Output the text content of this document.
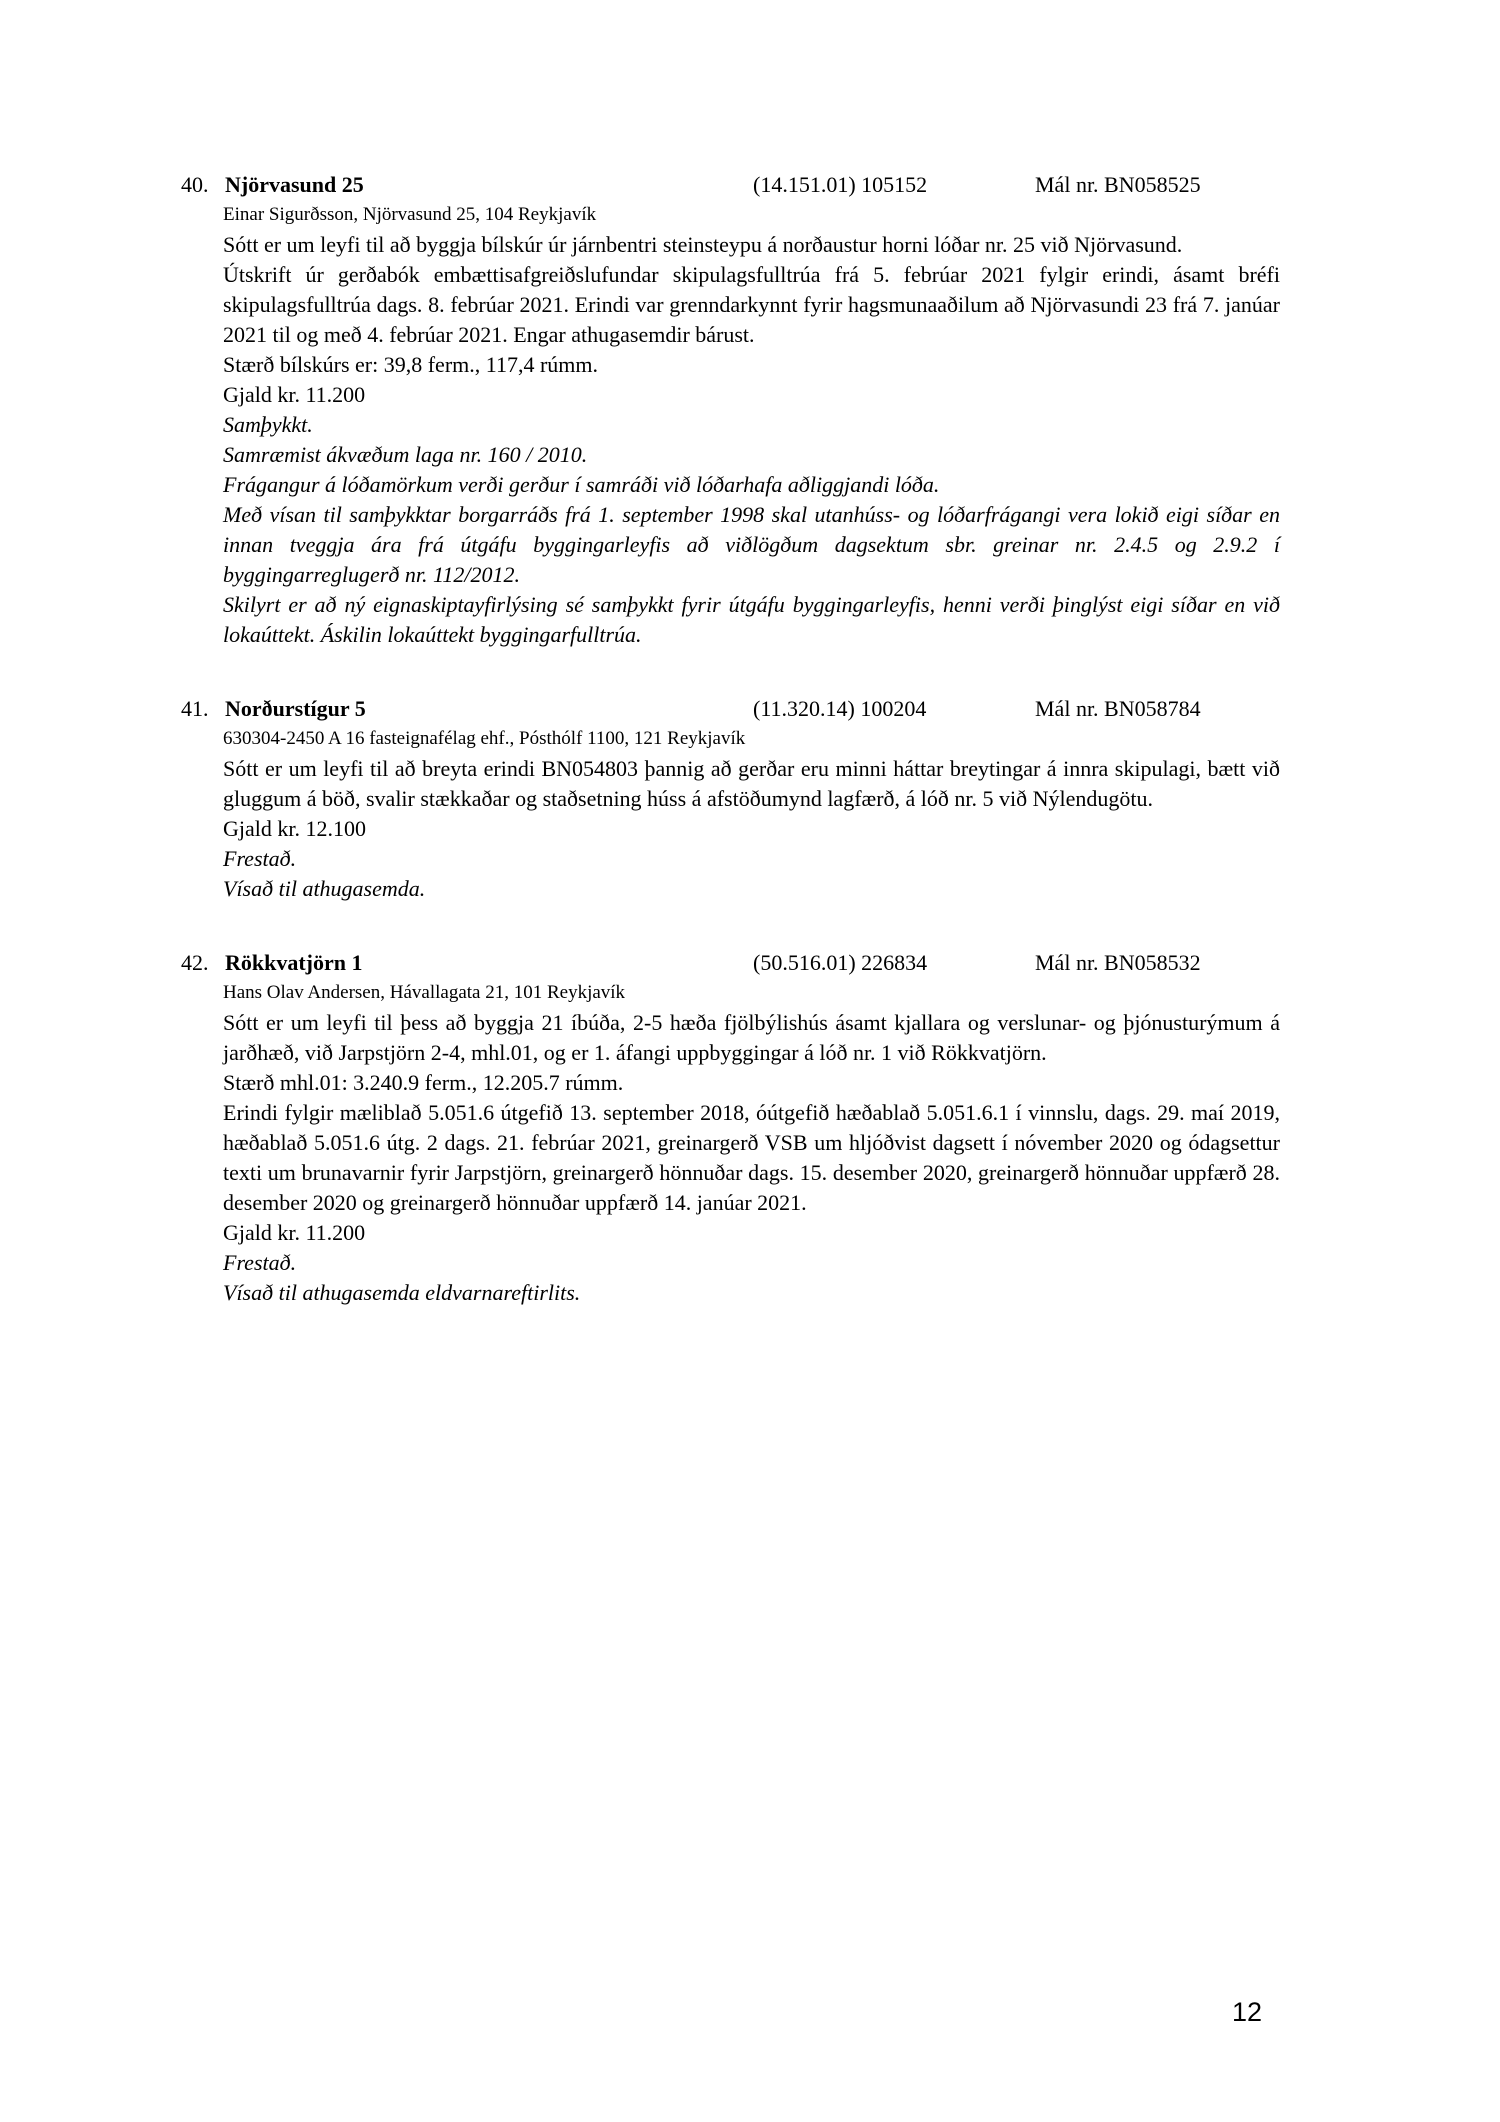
40. Njörvasund 25	(14.151.01) 105152	Mál nr. BN058525
Einar Sigurðsson, Njörvasund 25, 104 Reykjavík

Sótt er um leyfi til að byggja bílskúr úr járnbentri steinsteypu á norðaustur horni lóðar nr. 25 við Njörvasund.

Útskrift úr gerðabók embættisafgreiðslufundar skipulagsfulltrúa frá 5. febrúar 2021 fylgir erindi, ásamt bréfi skipulagsfulltrúa dags. 8. febrúar 2021. Erindi var grenndarkynnt fyrir hagsmunaaðilum að Njörvasundi 23 frá 7. janúar 2021 til og með 4. febrúar 2021. Engar athugasemdir bárust.

Stærð bílskúrs er: 39,8 ferm., 117,4 rúmm.

Gjald kr. 11.200

Samþykkt.

Samræmist ákvæðum laga nr. 160 / 2010.

Frágangur á lóðamörkum verði gerður í samráði við lóðarhafa aðliggjandi lóða.

Með vísan til samþykktar borgarráðs frá 1. september 1998 skal utanhúss- og lóðarfrágangi vera lokið eigi síðar en innan tveggja ára frá útgáfu byggingarleyfis að viðlögðum dagsektum sbr. greinar nr. 2.4.5 og 2.9.2 í byggingarreglugerð nr. 112/2012.

Skilyrt er að ný eignaskiptayfirlýsing sé samþykkt fyrir útgáfu byggingarleyfis, henni verði þinglýst eigi síðar en við lokaúttekt. Áskilin lokaúttekt byggingarfulltrúa.

41. Norðurstígur 5	(11.320.14) 100204	Mál nr. BN058784
630304-2450 A 16 fasteignafélag ehf., Pósthólf 1100, 121 Reykjavík

Sótt er um leyfi til að breyta erindi BN054803 þannig að gerðar eru minni háttar breytingar á innra skipulagi, bætt við gluggum á böð, svalir stækkaðar og staðsetning húss á afstöðumynd lagfærð, á lóð nr. 5 við Nýlendugötu.

Gjald kr. 12.100

Frestað.

Vísað til athugasemda.

42. Rökkvatjörn 1	(50.516.01) 226834	Mál nr. BN058532
Hans Olav Andersen, Hávallagata 21, 101 Reykjavík

Sótt er um leyfi til þess að byggja 21 íbúða, 2-5 hæða fjölbýlishús ásamt kjallara og verslunar- og þjónusturýmum á jarðhæð, við Jarpstjörn 2-4, mhl.01, og er 1. áfangi uppbyggingar á lóð nr. 1 við Rökkvatjörn.

Stærð mhl.01: 3.240.9 ferm., 12.205.7 rúmm.

Erindi fylgir mæliblað 5.051.6 útgefið 13. september 2018, óútgefið hæðablað 5.051.6.1 í vinnslu, dags. 29. maí 2019, hæðablað 5.051.6 útg. 2 dags. 21. febrúar 2021, greinargerð VSB um hljóðvist dagsett í nóvember 2020 og ódagsettur texti um brunavarnir fyrir Jarpstjörn, greinargerð hönnuðar dags. 15. desember 2020, greinargerð hönnuðar uppfærð 28. desember 2020 og greinargerð hönnuðar uppfærð 14. janúar 2021.

Gjald kr. 11.200

Frestað.

Vísað til athugasemda eldvarnareftirlits.

12
